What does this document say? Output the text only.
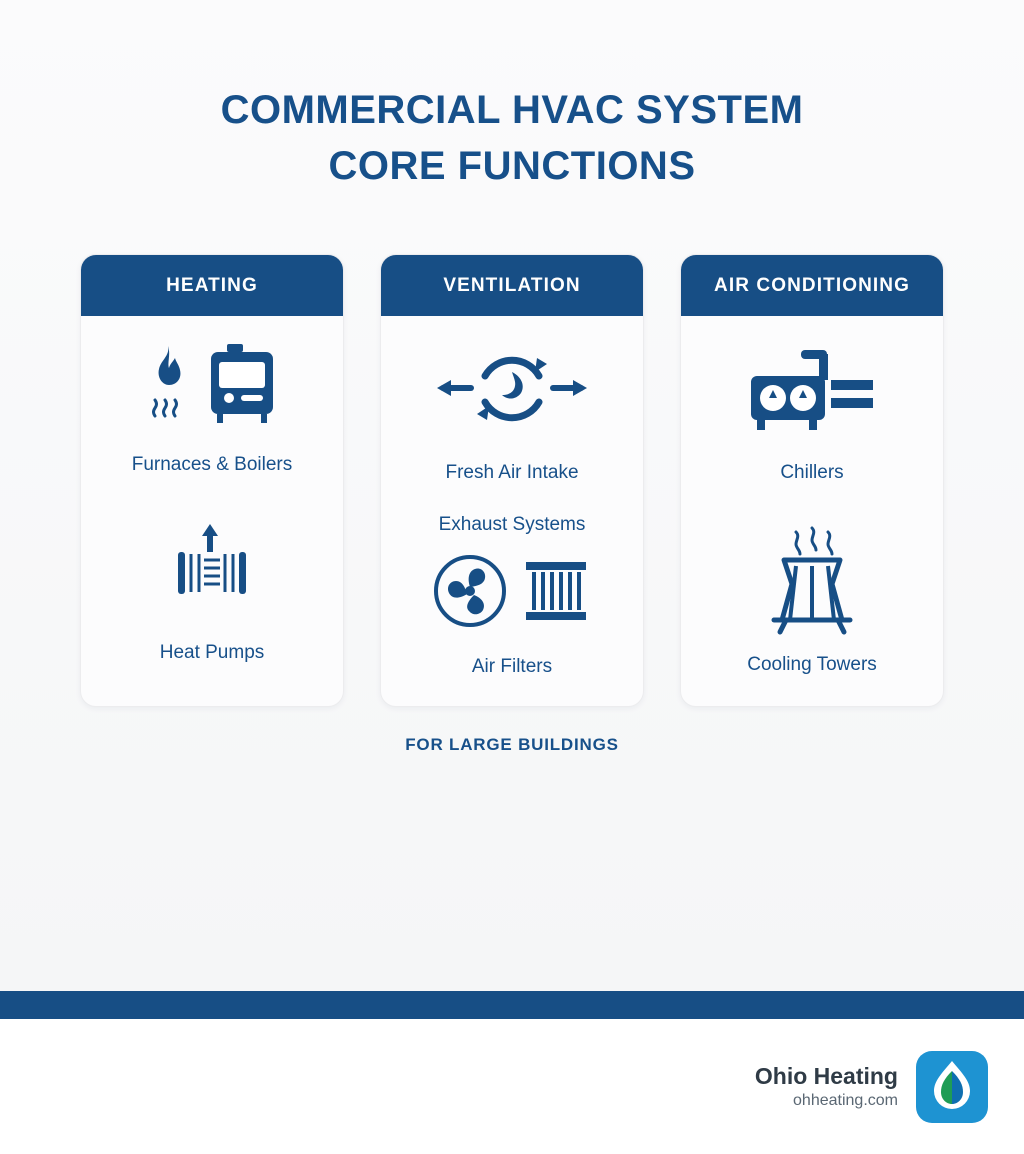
COMMERCIAL HVAC SYSTEM
CORE FUNCTIONS
HEATING
Furnaces & Boilers
Heat Pumps
VENTILATION
Fresh Air Intake
Exhaust Systems
Air Filters
AIR CONDITIONING
Chillers
Cooling Towers
FOR LARGE BUILDINGS
Ohio Heating
ohheating.com
